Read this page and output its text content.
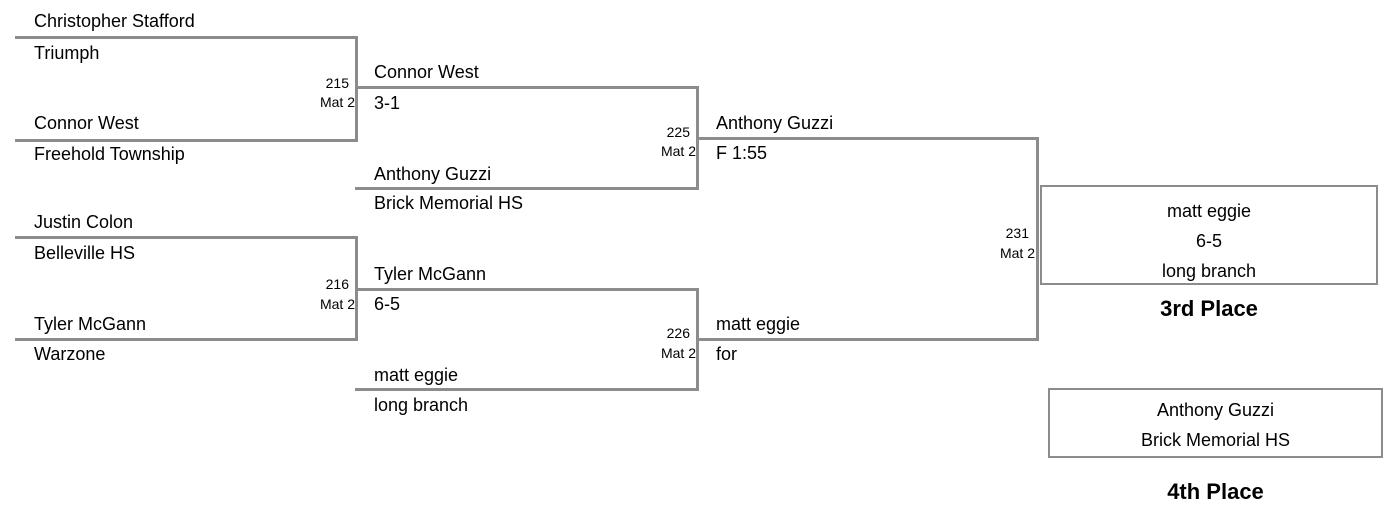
Christopher Stafford
Triumph
215
Mat 2
Connor West
Freehold Township
Justin Colon
Belleville HS
216
Mat 2
Tyler McGann
Warzone
Connor West
3-1
225
Mat 2
Anthony Guzzi
Brick Memorial HS
Tyler McGann
6-5
226
Mat 2
matt eggie
long branch
Anthony Guzzi
F 1:55
231
Mat 2
matt eggie
for
matt eggie
6-5
long branch
3rd Place
Anthony Guzzi
Brick Memorial HS
4th Place
